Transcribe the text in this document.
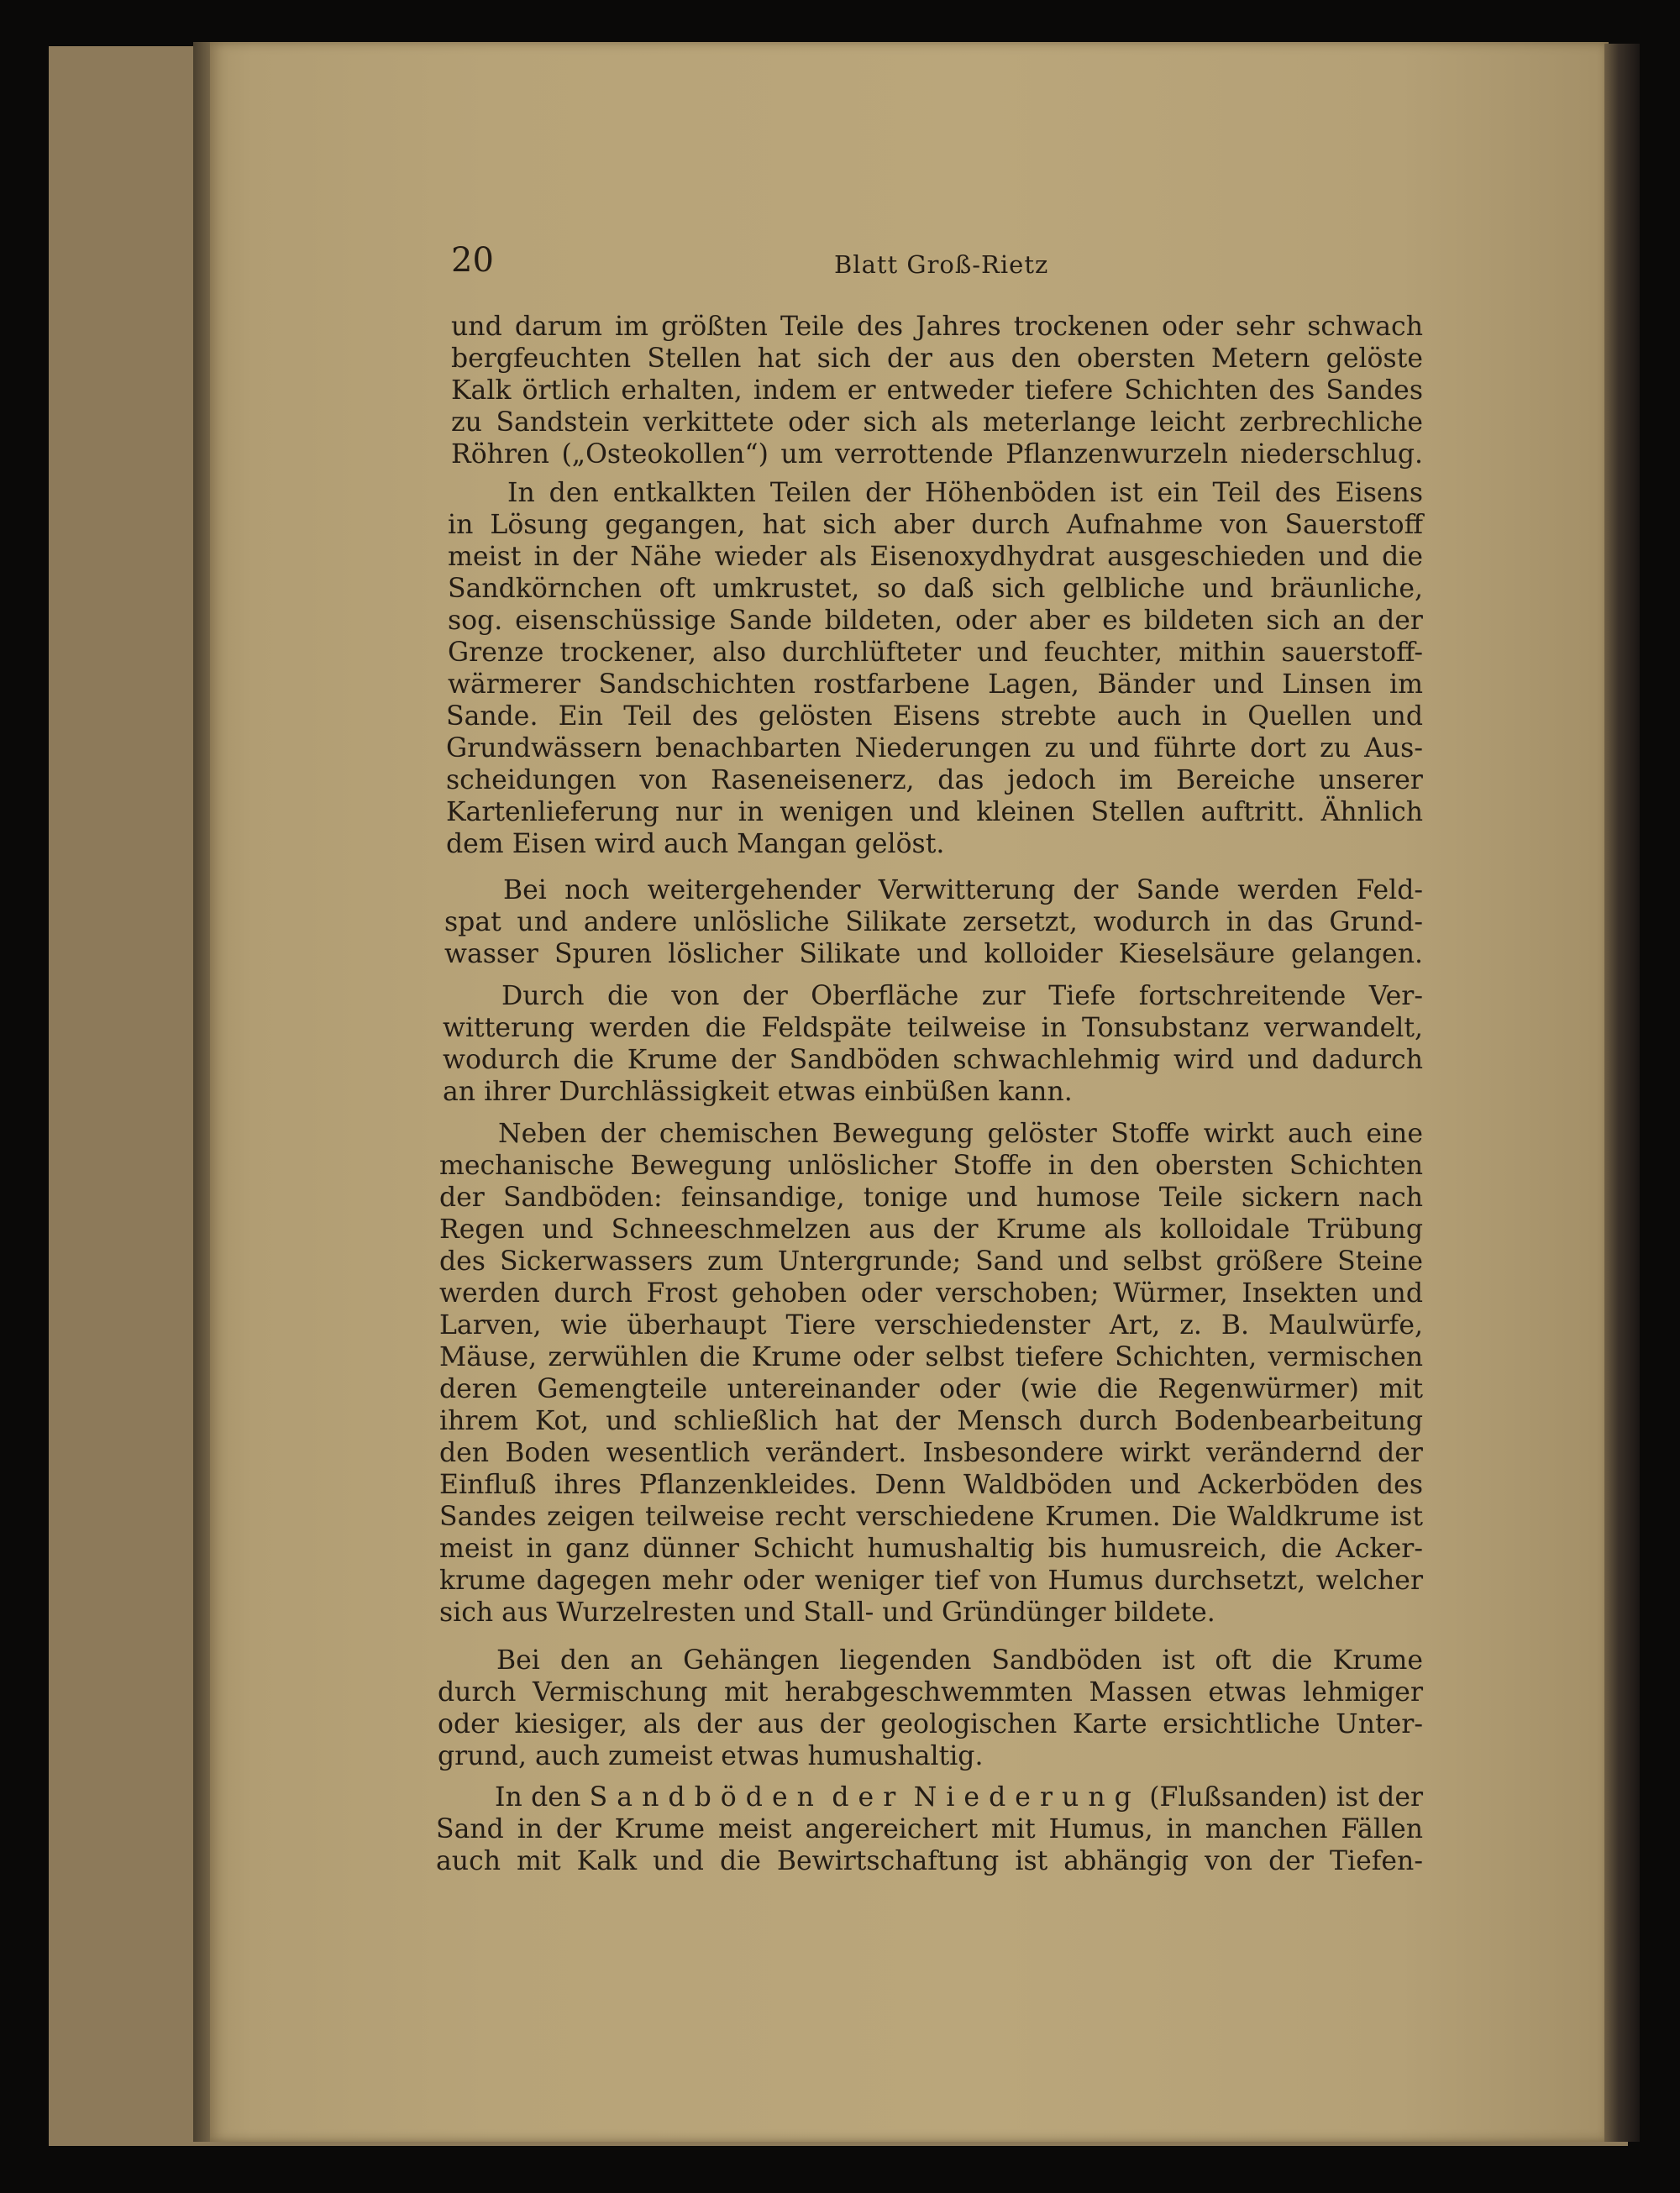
20	Blatt Groß-Rietz

und darum im größten Teile des Jahres trockenen oder sehr schwach

bergfeuchten Stellen hat sich der aus den obersten Metern gelöste

Kalk örtlich erhalten, indem er entweder tiefere Schichten des Sandes

zu Sandstein verkittete oder sich als meterlange leicht zerbrechliche

Röhren („Osteokollen“) um verrottende Pflanzenwurzeln niederschlug.

In den entkalkten Teilen der Höhenböden ist ein Teil des Eisens

in Lösung gegangen, hat sich aber durch Aufnahme von Sauerstoff

meist in der Nähe wieder als Eisenoxydhydrat ausgeschieden und die

Sandkörnchen oft umkrustet, so daß sich gelbliche und bräunliche,

sog. eisenschüssige Sande bildeten, oder aber es bildeten sich an der

Grenze trockener, also durchlüfteter und feuchter, mithin sauerstoff-

wärmerer Sandschichten rostfarbene Lagen, Bänder und Linsen im

Sande. Ein Teil des gelösten Eisens strebte auch in Quellen und

Grundwässern benachbarten Niederungen zu und führte dort zu Aus-

scheidungen von Raseneisenerz, das jedoch im Bereiche unserer

Kartenlieferung nur in wenigen und kleinen Stellen auftritt. Ähnlich

dem Eisen wird auch Mangan gelöst.

Bei noch weitergehender Verwitterung der Sande werden Feld-

spat und andere unlösliche Silikate zersetzt, wodurch in das Grund-

wasser Spuren löslicher Silikate und kolloider Kieselsäure gelangen.

Durch die von der Oberfläche zur Tiefe fortschreitende Ver-

witterung werden die Feldspäte teilweise in Tonsubstanz verwandelt,

wodurch die Krume der Sandböden schwachlehmig wird und dadurch

an ihrer Durchlässigkeit etwas einbüßen kann.

Neben der chemischen Bewegung gelöster Stoffe wirkt auch eine

mechanische Bewegung unlöslicher Stoffe in den obersten Schichten

der Sandböden: feinsandige, tonige und humose Teile sickern nach

Regen und Schneeschmelzen aus der Krume als kolloidale Trübung

des Sickerwassers zum Untergrunde; Sand und selbst größere Steine

werden durch Frost gehoben oder verschoben; Würmer, Insekten und

Larven, wie überhaupt Tiere verschiedenster Art, z. B. Maulwürfe,

Mäuse, zerwühlen die Krume oder selbst tiefere Schichten, vermischen

deren Gemengteile untereinander oder (wie die Regenwürmer) mit

ihrem Kot, und schließlich hat der Mensch durch Bodenbearbeitung

den Boden wesentlich verändert. Insbesondere wirkt verändernd der

Einfluß ihres Pflanzenkleides. Denn Waldböden und Ackerböden des

Sandes zeigen teilweise recht verschiedene Krumen. Die Waldkrume ist

meist in ganz dünner Schicht humushaltig bis humusreich, die Acker-

krume dagegen mehr oder weniger tief von Humus durchsetzt, welcher

sich aus Wurzelresten und Stall- und Gründünger bildete.

Bei den an Gehängen liegenden Sandböden ist oft die Krume

durch Vermischung mit herabgeschwemmten Massen etwas lehmiger

oder kiesiger, als der aus der geologischen Karte ersichtliche Unter-

grund, auch zumeist etwas humushaltig.

In den Sandböden der Niederung (Flußsanden) ist der

Sand in der Krume meist angereichert mit Humus, in manchen Fällen

auch mit Kalk und die Bewirtschaftung ist abhängig von der Tiefen-
